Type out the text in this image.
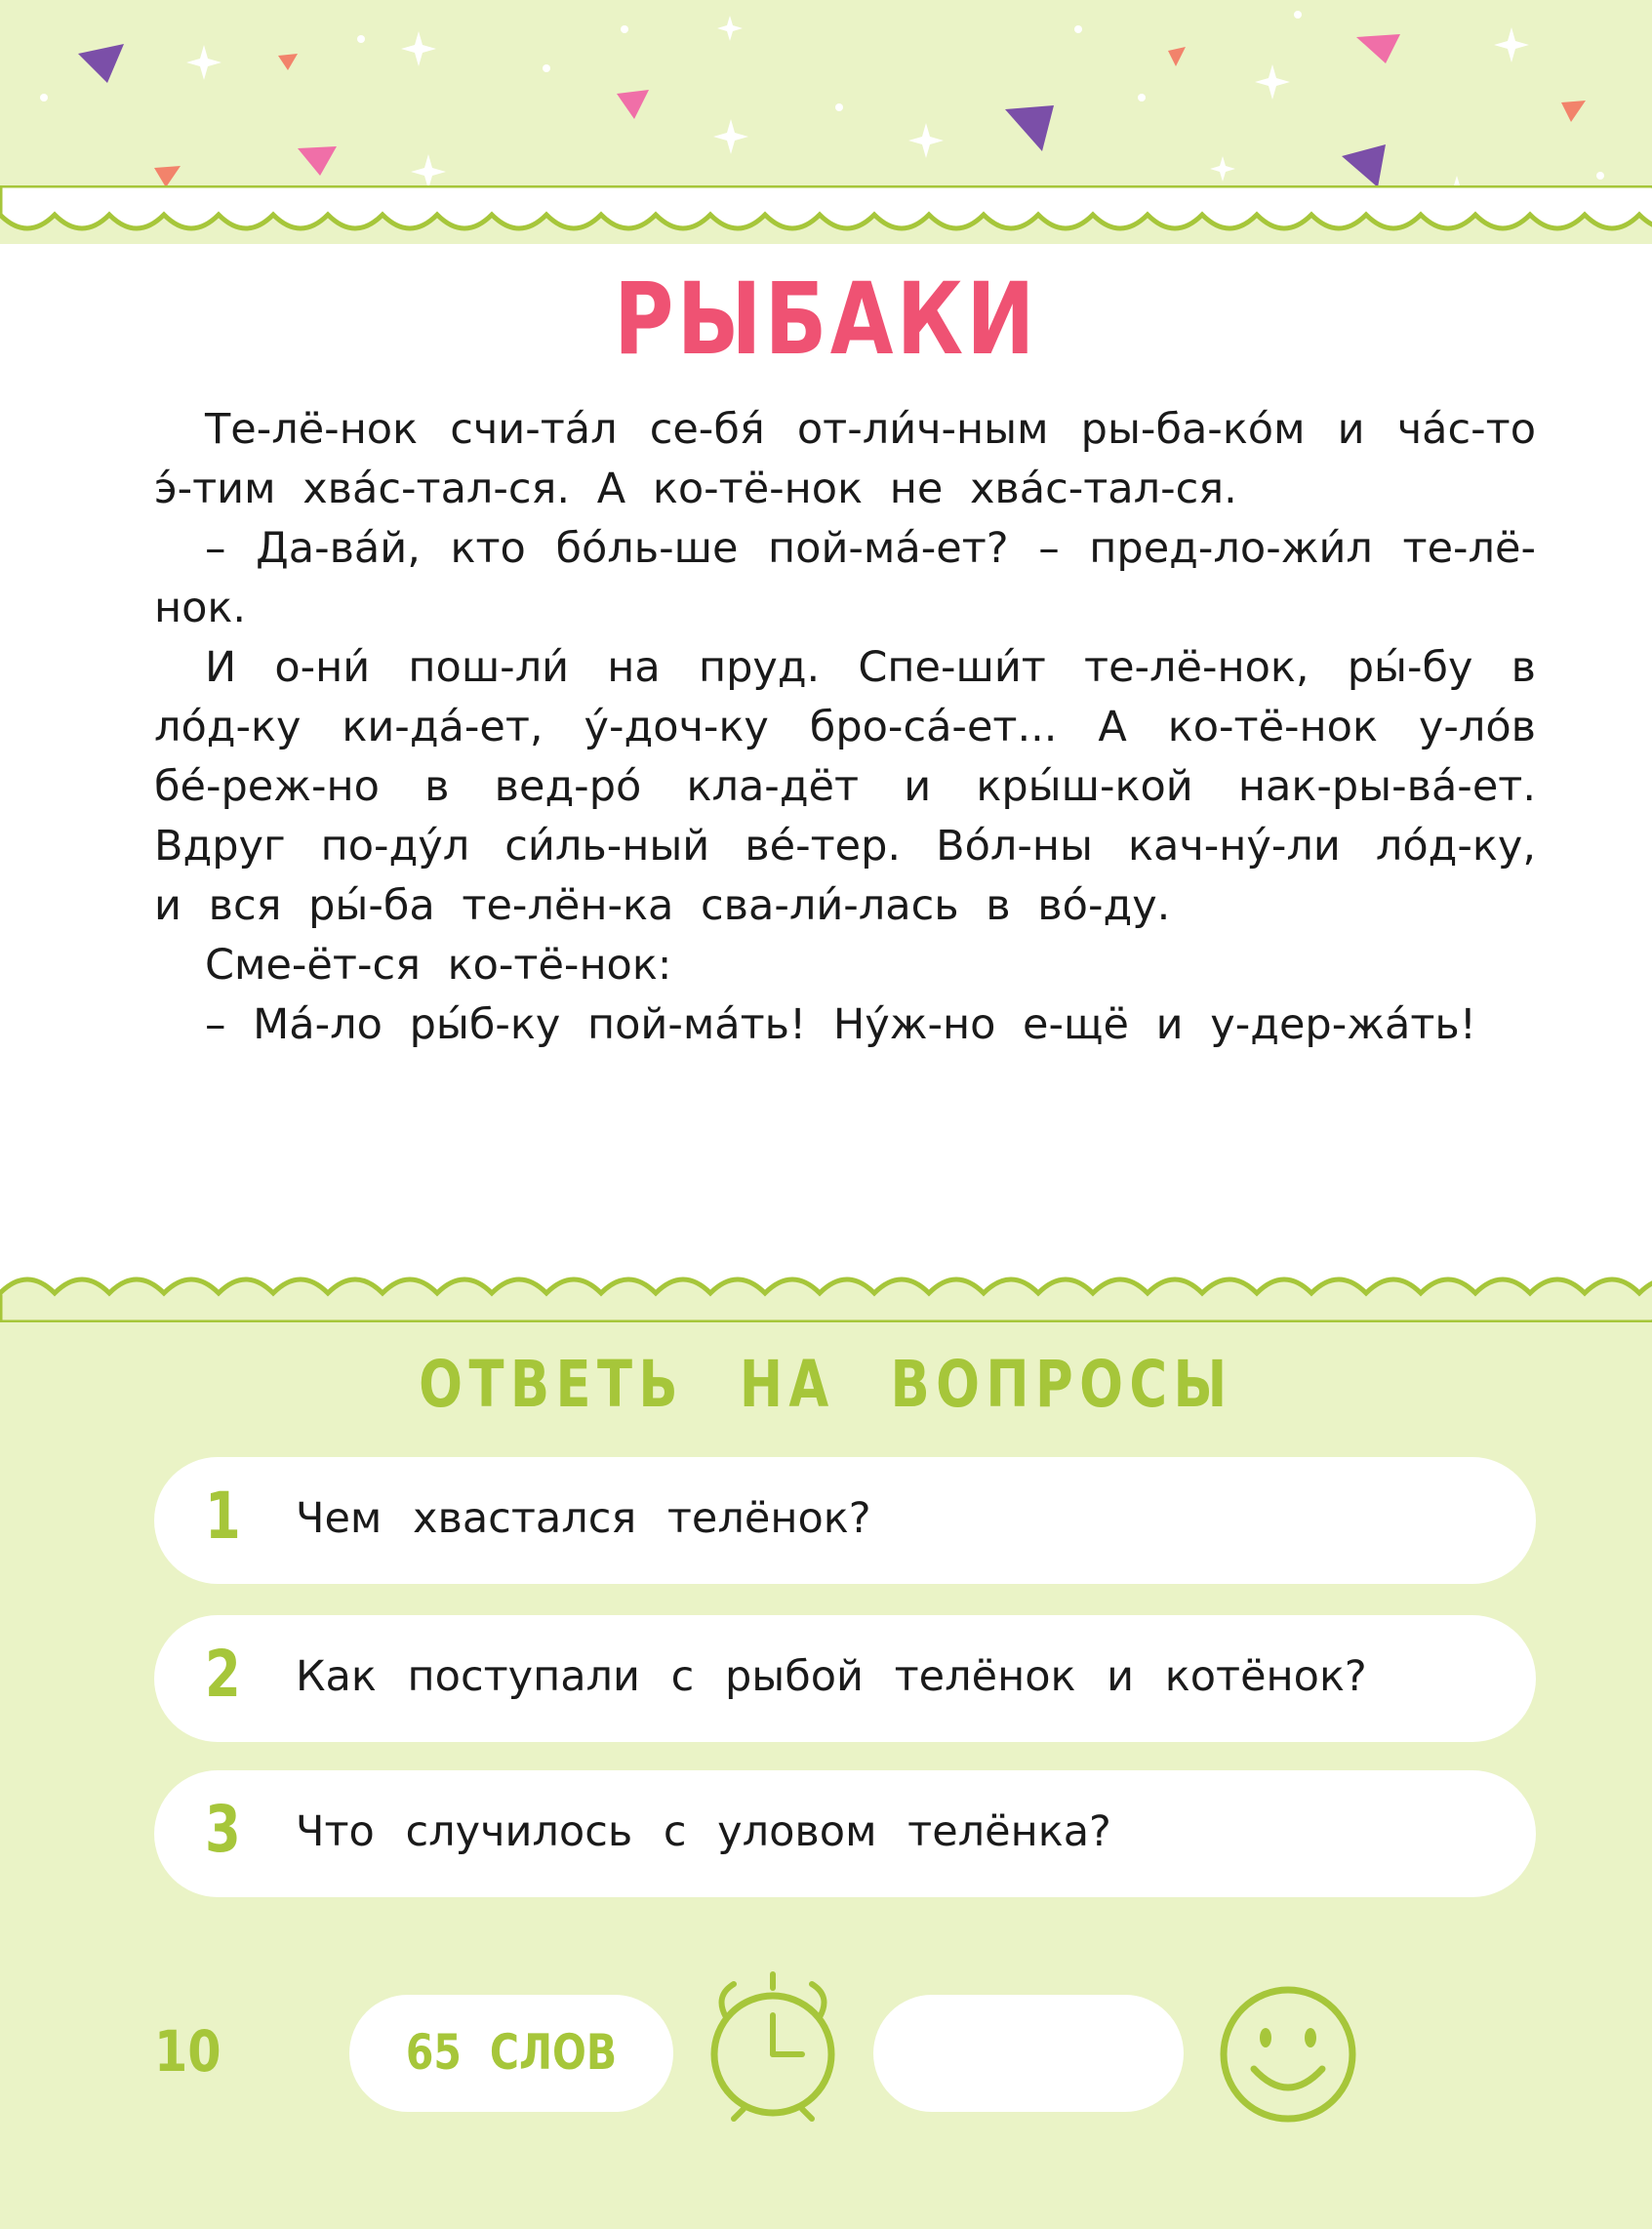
РЫБАКИ

Те-лё-нок счи-та́л се-бя́ от-ли́ч-ным ры-ба-ко́м и ча́с-то э́-тим хва́с-тал-ся. А ко-тё-нок не хва́с-тал-ся.

– Да-ва́й, кто бо́ль-ше пой-ма́-ет? – пред-ло-жи́л те-лё-нок.

И о-ни́ пош-ли́ на пруд. Спе-ши́т те-лё-нок, ры́-бу в ло́д-ку ки-да́-ет, у́-доч-ку бро-са́-ет... А ко-тё-нок у-ло́в бе́-реж-но в вед-ро́ кла-дёт и кры́ш-кой нак-ры-ва́-ет. Вдруг по-ду́л си́ль-ный ве́-тер. Во́л-ны кач-ну́-ли ло́д-ку, и вся ры́-ба те-лён-ка сва-ли́-лась в во́-ду.

Сме-ёт-ся ко-тё-нок:

– Ма́-ло ры́б-ку пой-ма́ть! Ну́ж-но е-щё и у-дер-жа́ть!

ОТВЕТЬ НА ВОПРОСЫ
1 Чем хвастался телёнок?
2 Как поступали с рыбой телёнок и котёнок?
3 Что случилось с уловом телёнка?
10	65 СЛОВ
